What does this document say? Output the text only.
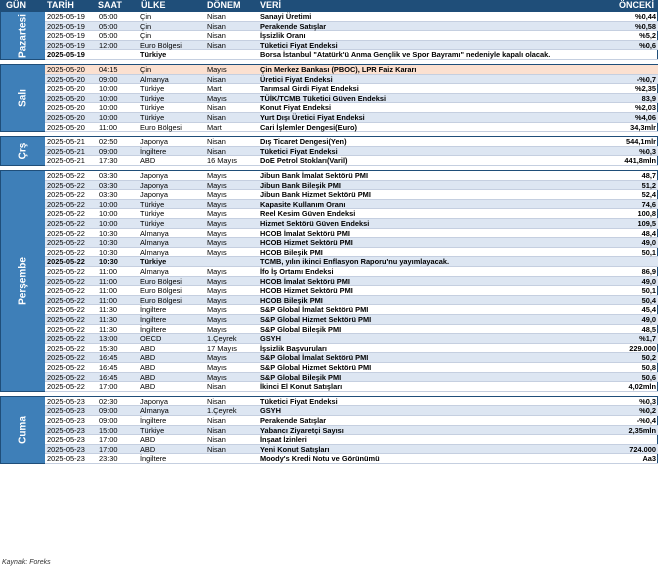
GÜN TARİH	SAAT ÜLKE	DÖNEM VERİ	ÖNCEKİ
Pazartesi	2025-05-19	05:00	Çin	Nisan	Sanayi Üretimi	%0,44
2025-05-19	05:00	Çin	Nisan	Perakende Satışlar	%0,58
2025-05-19	05:00	Çin	Nisan	İşsizlik Oranı	%5,2
2025-05-19	12:00	Euro Bölgesi	Nisan	Tüketici Fiyat Endeksi	%0,6
2025-05-19	Türkiye	Borsa İstanbul "Atatürk'ü Anma Gençlik ve Spor Bayramı" nedeniyle kapalı olacak.
Salı
2025-05-20	04:15	Çin	Mayıs	Çin Merkez Bankası (PBOC), LPR Faiz Kararı
2025-05-20	09:00	Almanya	Nisan	Üretici Fiyat Endeksi	-%0,7
2025-05-20	10:00	Türkiye	Mart	Tarımsal Girdi Fiyat Endeksi	%2,35
2025-05-20	10:00	Türkiye	Mayıs	TÜİK/TCMB Tüketici Güven Endeksi	83,9
2025-05-20	10:00	Türkiye	Nisan	Konut Fiyat Endeksi	%2,03
2025-05-20	10:00	Türkiye	Nisan	Yurt Dışı Üretici Fiyat Endeksi	%4,06
2025-05-20	11:00	Euro Bölgesi	Mart	Cari İşlemler Dengesi(Euro)	34,3mlr
Çrş
2025-05-21	02:50	Japonya	Nisan	Dış Ticaret Dengesi(Yen)	544,1mlr
2025-05-21	09:00	İngiltere	Nisan	Tüketici Fiyat Endeksi	%0,3
2025-05-21	17:30	ABD	16 Mayıs	DoE Petrol Stokları(Varil)	441,8mln
Perşembe
2025-05-22	03:30	Japonya	Mayıs	Jibun Bank İmalat Sektörü PMI	48,7
2025-05-22	03:30	Japonya	Mayıs	Jibun Bank Bileşik PMI	51,2
2025-05-22	03:30	Japonya	Mayıs	Jibun Bank Hizmet Sektörü PMI	52,4
2025-05-22	10:00	Türkiye	Mayıs	Kapasite Kullanım Oranı	74,6
2025-05-22	10:00	Türkiye	Mayıs	Reel Kesim Güven Endeksi	100,8
2025-05-22	10:00	Türkiye	Mayıs	Hizmet Sektörü Güven Endeksi	109,5
2025-05-22	10:30	Almanya	Mayıs	HCOB İmalat Sektörü PMI	48,4
2025-05-22	10:30	Almanya	Mayıs	HCOB Hizmet Sektörü PMI	49,0
2025-05-22	10:30	Almanya	Mayıs	HCOB Bileşik PMI	50,1
2025-05-22	10:30	Türkiye	TCMB, yılın ikinci Enflasyon Raporu'nu yayımlayacak.
2025-05-22	11:00	Almanya	Mayıs	İfo İş Ortamı Endeksi	86,9
2025-05-22	11:00	Euro Bölgesi	Mayıs	HCOB İmalat Sektörü PMI	49,0
2025-05-22	11:00	Euro Bölgesi	Mayıs	HCOB Hizmet Sektörü PMI	50,1
2025-05-22	11:00	Euro Bölgesi	Mayıs	HCOB Bileşik PMI	50,4
2025-05-22	11:30	İngiltere	Mayıs	S&P Global İmalat Sektörü PMI	45,4
2025-05-22	11:30	İngiltere	Mayıs	S&P Global Hizmet Sektörü PMI	49,0
2025-05-22	11:30	İngiltere	Mayıs	S&P Global Bileşik PMI	48,5
2025-05-22	13:00	OECD	1.Çeyrek	GSYH	%1,7
2025-05-22	15:30	ABD	17 Mayıs	İşsizlik Başvuruları	229.000
2025-05-22	16:45	ABD	Mayıs	S&P Global İmalat Sektörü PMI	50,2
2025-05-22	16:45	ABD	Mayıs	S&P Global Hizmet Sektörü PMI	50,8
2025-05-22	16:45	ABD	Mayıs	S&P Global Bileşik PMI	50,6
2025-05-22	17:00	ABD	Nisan	İkinci El Konut Satışları	4,02mln
Cuma
2025-05-23	02:30	Japonya	Nisan	Tüketici Fiyat Endeksi	%0,3
2025-05-23	09:00	Almanya	1.Çeyrek	GSYH	%0,2
2025-05-23	09:00	İngiltere	Nisan	Perakende Satışlar	-%0,4
2025-05-23	15:00	Türkiye	Nisan	Yabancı Ziyaretçi Sayısı	2,35mln
2025-05-23	17:00	ABD	Nisan	İnşaat İzinleri
2025-05-23	17:00	ABD	Nisan	Yeni Konut Satışları	724.000
2025-05-23	23:30	İngiltere	Moody's Kredi Notu ve Görünümü	Aa3
Kaynak: Foreks
